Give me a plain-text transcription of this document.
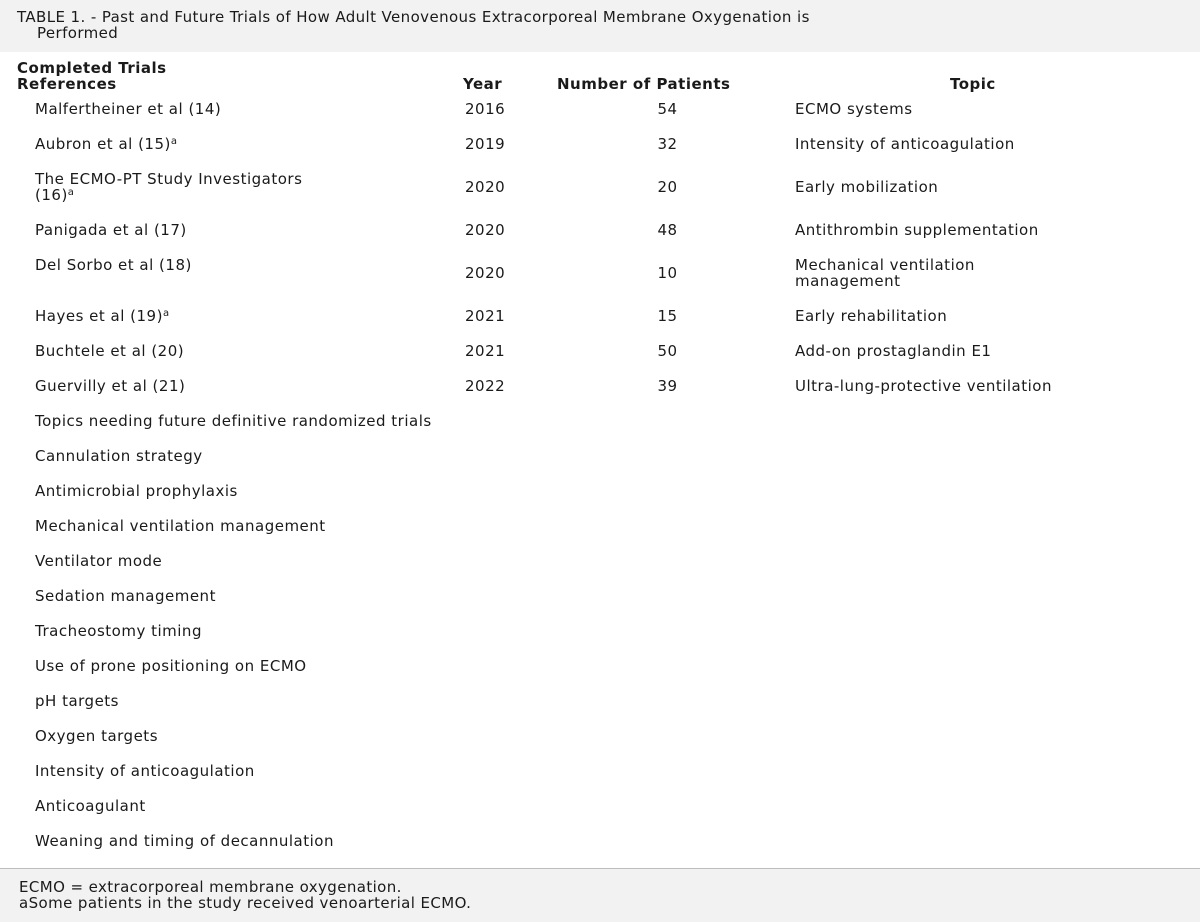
TABLE 1. - Past and Future Trials of How Adult Venovenous Extracorporeal Membrane Oxygenation is
Performed
Completed Trials
References	Year	Number of Patients	Topic
Malfertheiner et al (14)	2016	54	ECMO systems
Aubron et al $(15)^a$	2019	32	Intensity of anticoagulation
The ECMO-PT Study Investigators
$(16)^a$	2020	20	Early mobilization
Panigada et al (17)	2020	48	Antithrombin supplementation
Del Sorbo et al (18)	2020	10	Mechanical ventilation
management
Hayes et al $(19)^a$	2021	15	Early rehabilitation
Buchtele et al (20)	2021	50	Add-on prostaglandin E1
Guervilly et al (21)	2022	39	Ultra-lung-protective ventilation
Topics needing future definitive randomized trials
Cannulation strategy
Antimicrobial prophylaxis
Mechanical ventilation management
Ventilator mode
Sedation management
Tracheostomy timing
Use of prone positioning on ECMO
pH targets
Oxygen targets
Intensity of anticoagulation
Anticoagulant
Weaning and timing of decannulation
ECMO = extracorporeal membrane oxygenation.
aSome patients in the study received venoarterial ECMO.
